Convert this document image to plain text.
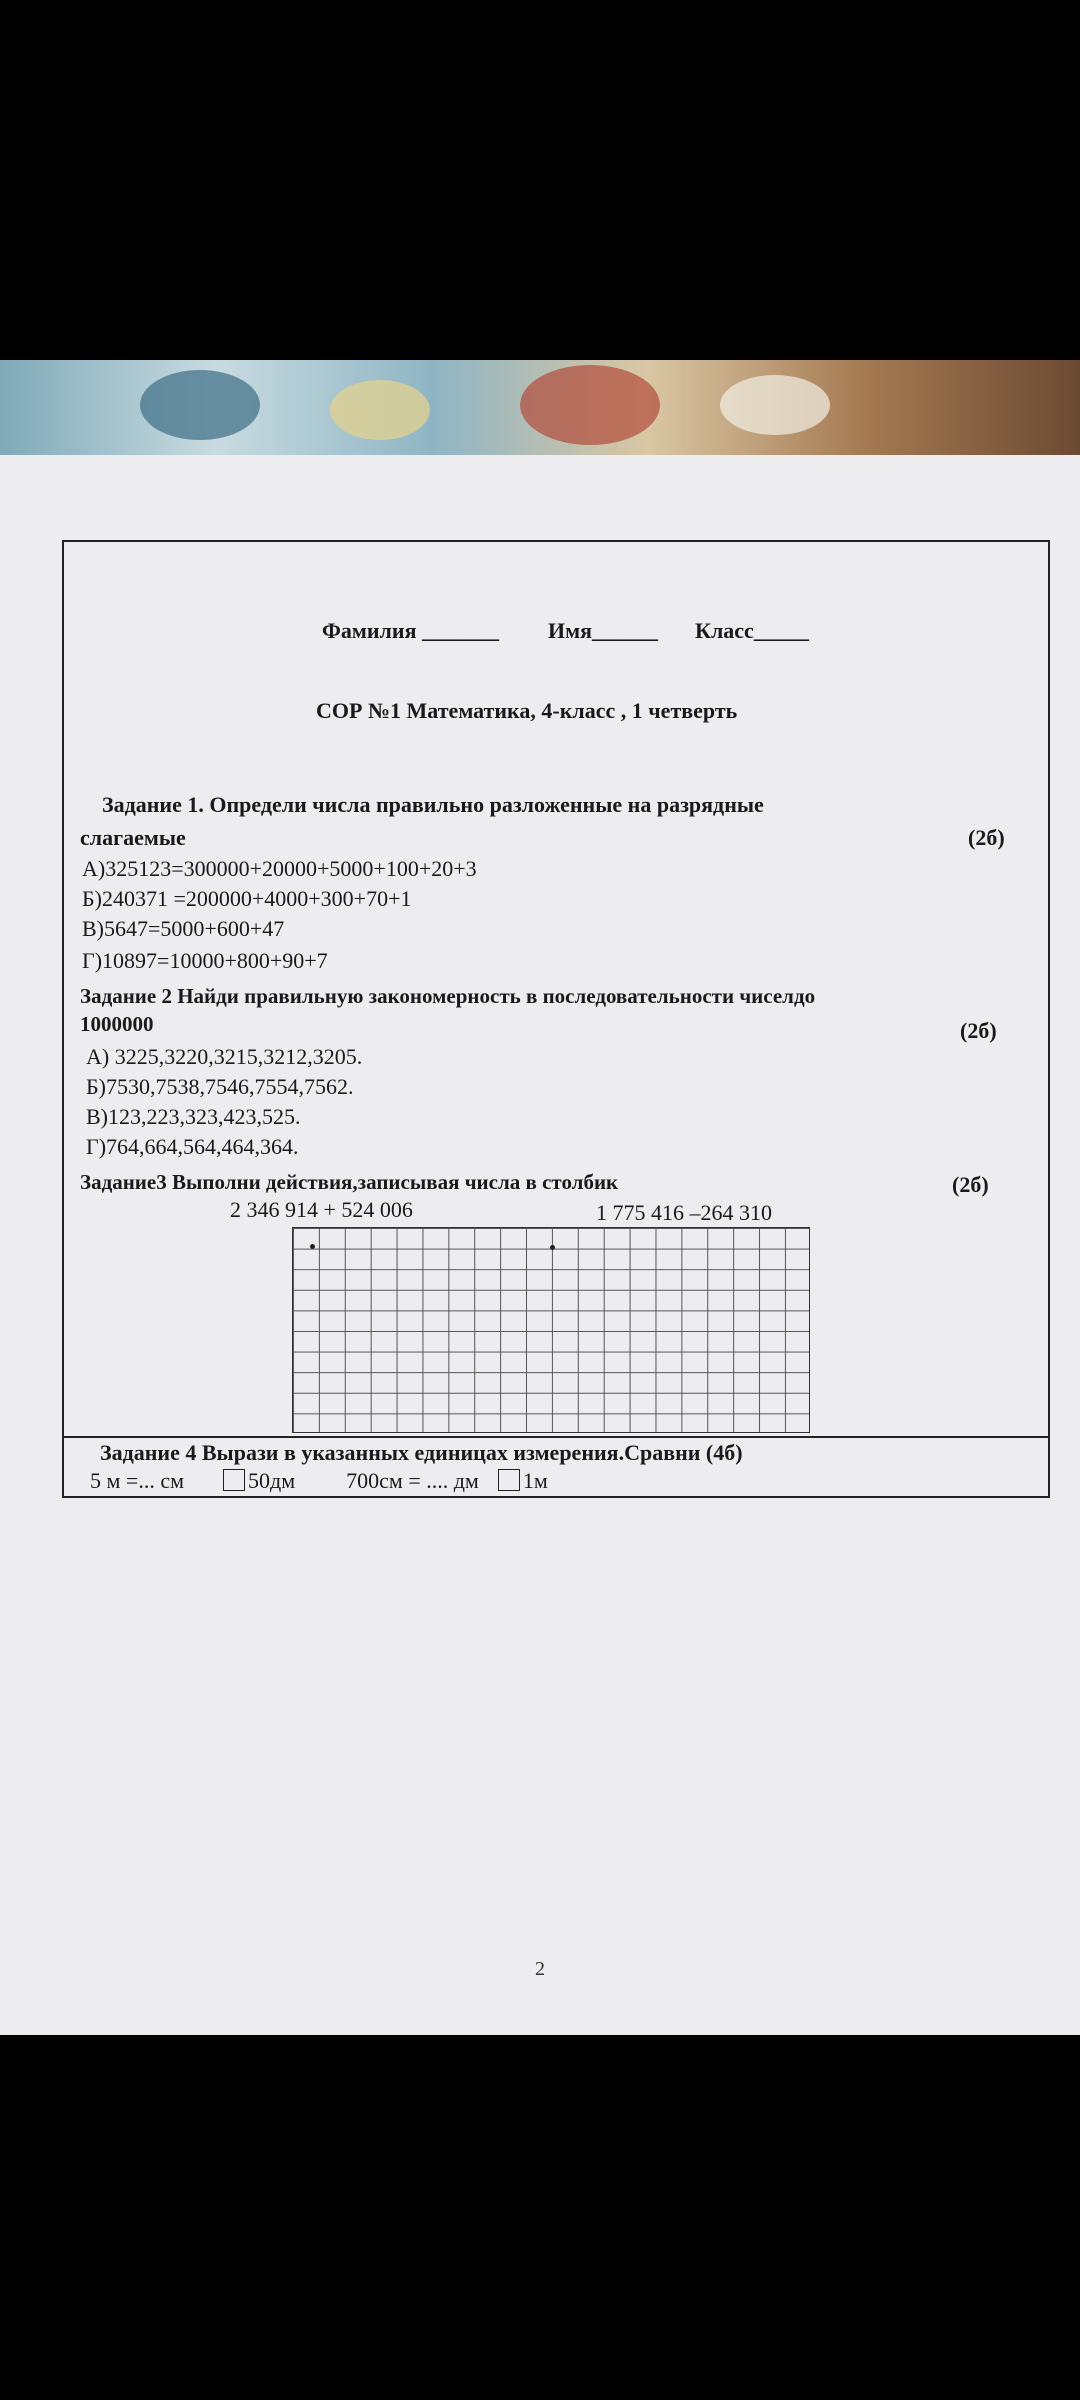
Фамилия _______ Имя______ Класс_____
СОР №1 Математика, 4-класс , 1 четверть
Задание 1. Определи числа правильно разложенные на разрядные
слагаемые	(2б)
А)325123=300000+20000+5000+100+20+3
Б)240371 =200000+4000+300+70+1
В)5647=5000+600+47
Г)10897=10000+800+90+7
Задание 2 Найди правильную закономерность в последовательности чиселдо
1000000	(2б)
А) 3225,3220,3215,3212,3205.
Б)7530,7538,7546,7554,7562.
В)123,223,323,423,525.
Г)764,664,564,464,364.
Задание3 Выполни действия,записывая числа в столбик	(2б)
2 346 914 + 524 006	1 775 416 –264 310
Задание 4 Вырази в указанных единицах измерения.Сравни (4б)
5 м =... см	50дм 700см = .... дм 1м
2
